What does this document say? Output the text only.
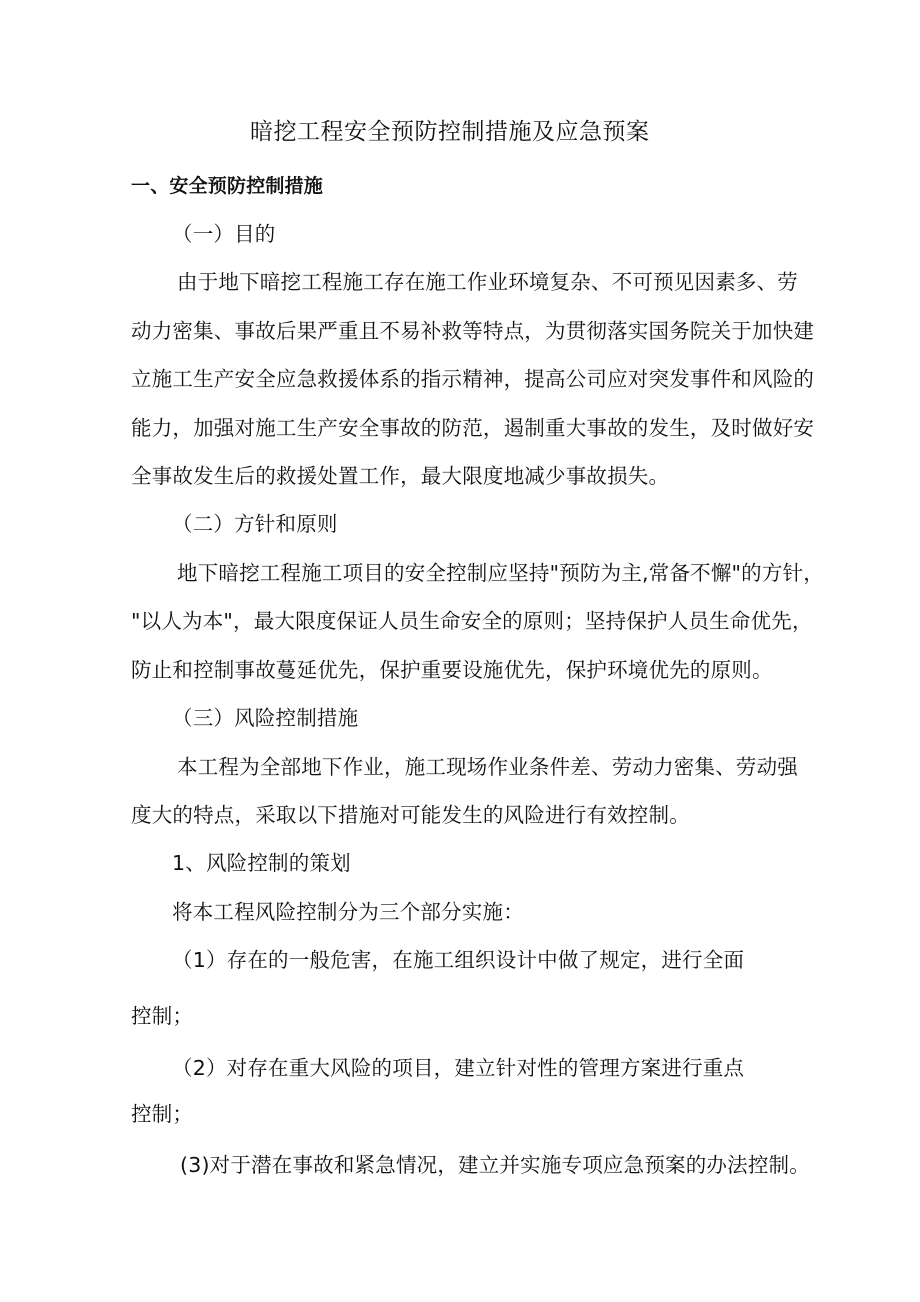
暗挖工程安全预防控制措施及应急预案
一、安全预防控制措施
（一）目的
由于地下暗挖工程施工存在施工作业环境复杂、不可预见因素多、劳
动力密集、事故后果严重且不易补救等特点，为贯彻落实国务院关于加快建
立施工生产安全应急救援体系的指示精神，提高公司应对突发事件和风险的
能力，加强对施工生产安全事故的防范，遏制重大事故的发生，及时做好安
全事故发生后的救援处置工作，最大限度地减少事故损失。
（二）方针和原则
地下暗挖工程施工项目的安全控制应坚持"预防为主,常备不懈"的方针，
"以人为本"，最大限度保证人员生命安全的原则；坚持保护人员生命优先，
防止和控制事故蔓延优先，保护重要设施优先，保护环境优先的原则。
（三）风险控制措施
本工程为全部地下作业，施工现场作业条件差、劳动力密集、劳动强
度大的特点，采取以下措施对可能发生的风险进行有效控制。
1、风险控制的策划
将本工程风险控制分为三个部分实施：
（1）存在的一般危害，在施工组织设计中做了规定，进行全面
控制；
（2）对存在重大风险的项目，建立针对性的管理方案进行重点
控制；
(3)对于潜在事故和紧急情况，建立并实施专项应急预案的办法控制。
